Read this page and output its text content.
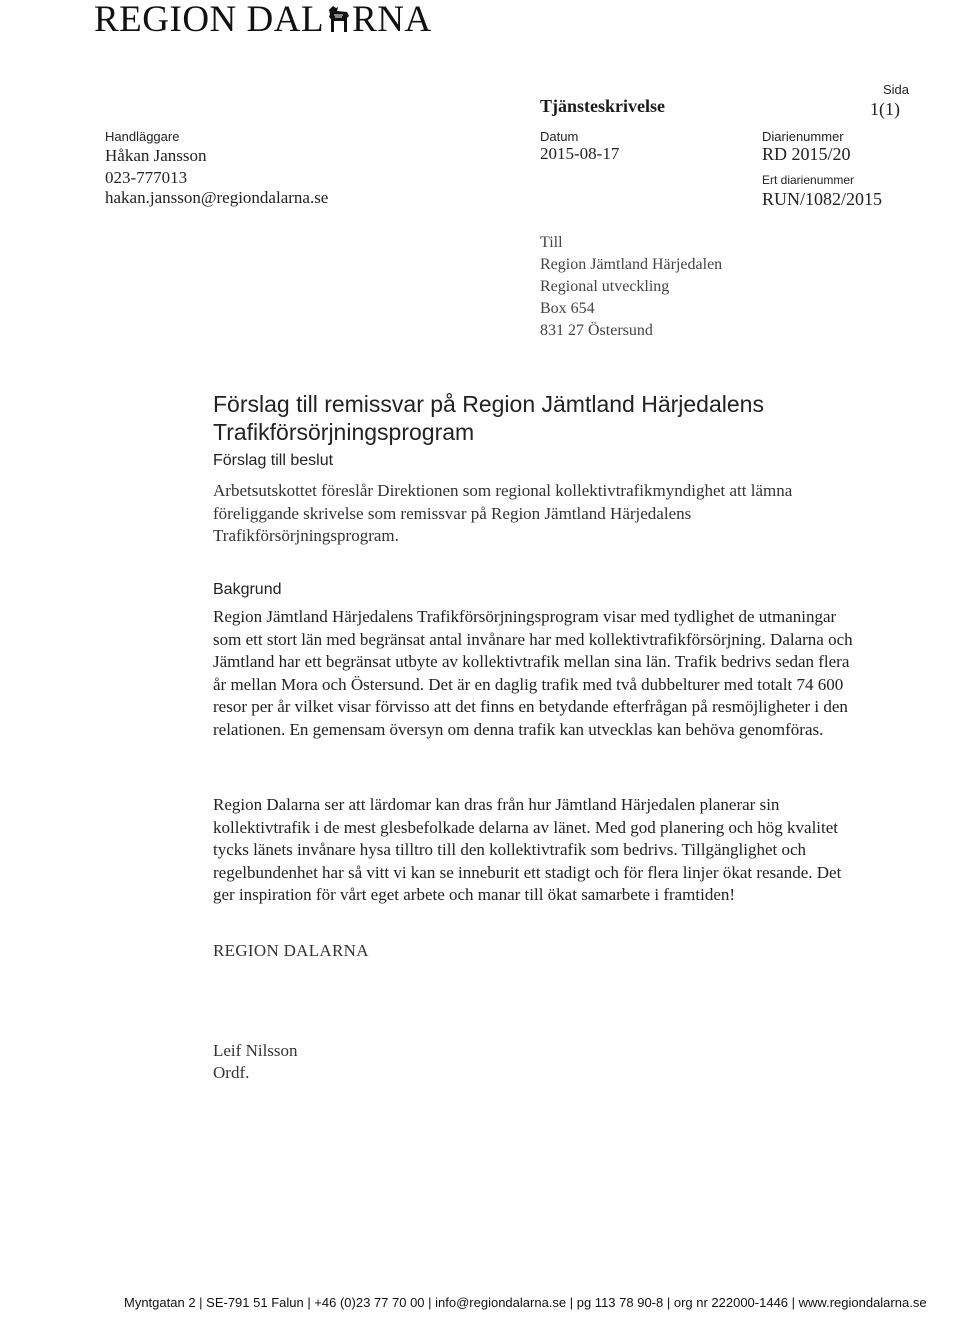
REGION DAL RNA
Tjänsteskrivelse
Sida
1(1)
Handläggare
Håkan Jansson
023-777013
hakan.jansson@regiondalarna.se
Datum
2015-08-17
Diarienummer
RD 2015/20
Ert diarienummer
RUN/1082/2015
Till
Region Jämtland Härjedalen
Regional utveckling
Box 654
831 27 Östersund
Förslag till remissvar på Region Jämtland Härjedalens Trafikförsörjningsprogram
Förslag till beslut
Arbetsutskottet föreslår Direktionen som regional kollektivtrafikmyndighet att lämna föreliggande skrivelse som remissvar på Region Jämtland Härjedalens Trafikförsörjningsprogram.
Bakgrund
Region Jämtland Härjedalens Trafikförsörjningsprogram visar med tydlighet de utmaningar som ett stort län med begränsat antal invånare har med kollektivtrafikförsörjning. Dalarna och Jämtland har ett begränsat utbyte av kollektivtrafik mellan sina län. Trafik bedrivs sedan flera år mellan Mora och Östersund. Det är en daglig trafik med två dubbelturer med totalt 74 600 resor per år vilket visar förvisso att det finns en betydande efterfrågan på resmöjligheter i den relationen. En gemensam översyn om denna trafik kan utvecklas kan behöva genomföras.
Region Dalarna ser att lärdomar kan dras från hur Jämtland Härjedalen planerar sin kollektivtrafik i de mest glesbefolkade delarna av länet. Med god planering och hög kvalitet tycks länets invånare hysa tilltro till den kollektivtrafik som bedrivs. Tillgänglighet och regelbundenhet har så vitt vi kan se inneburit ett stadigt och för flera linjer ökat resande. Det ger inspiration för vårt eget arbete och manar till ökat samarbete i framtiden!
REGION DALARNA
Leif Nilsson
Ordf.
Myntgatan 2 | SE-791 51 Falun | +46 (0)23 77 70 00 | info@regiondalarna.se | pg 113 78 90-8 | org nr 222000-1446 | www.regiondalarna.se
